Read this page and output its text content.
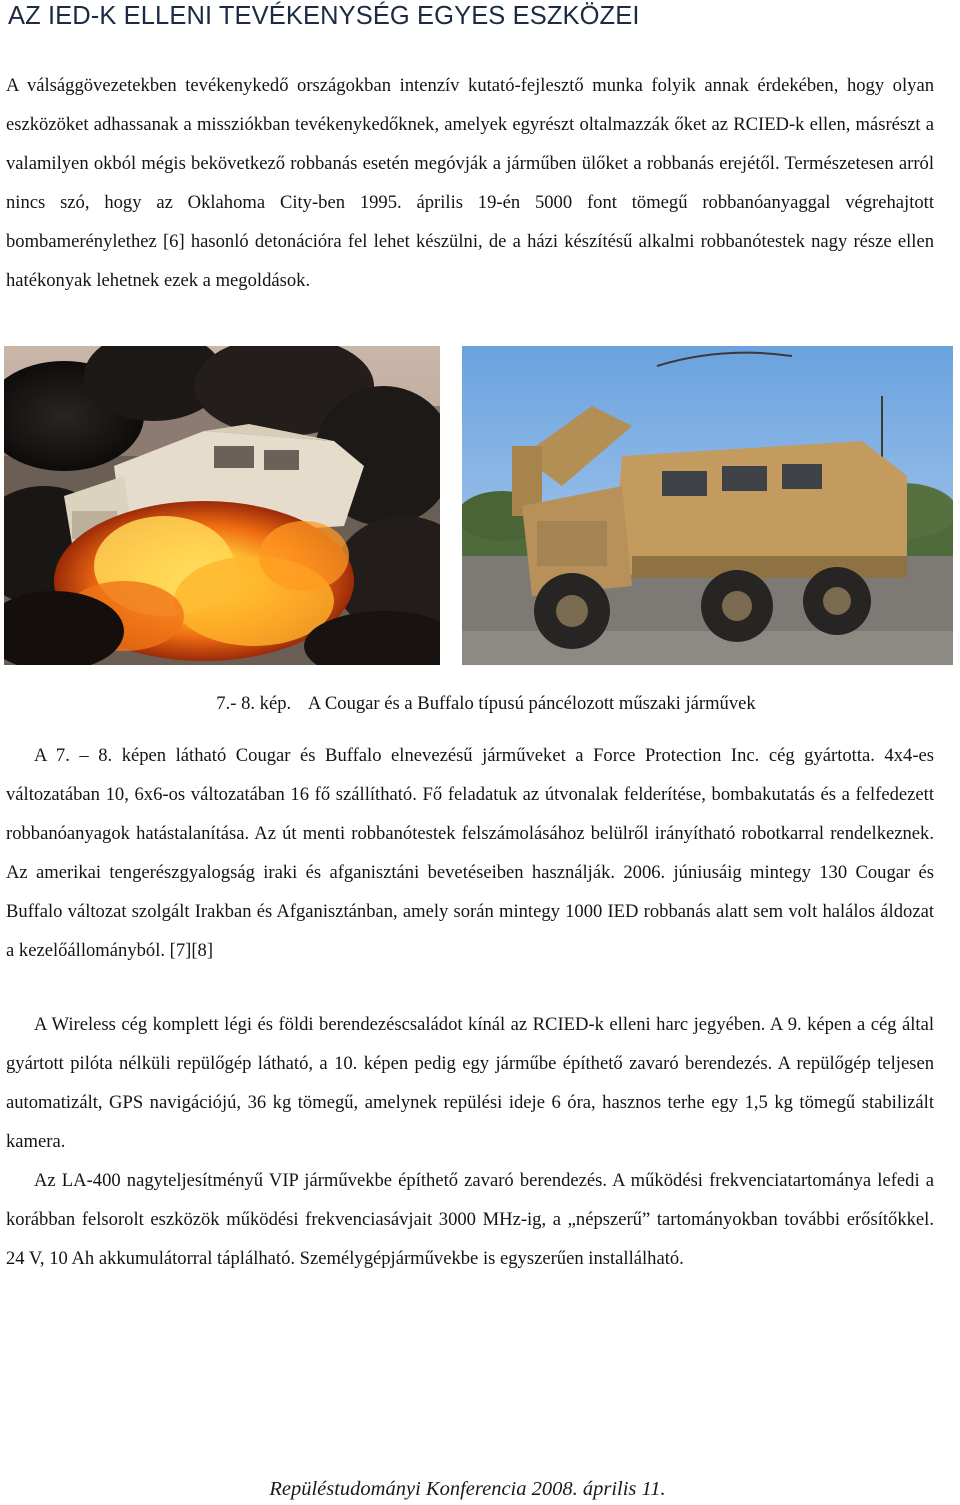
AZ IED-K ELLENI TEVÉKENYSÉG EGYES ESZKÖZEI

A válsággövezetekben tevékenykedő országokban intenzív kutató-fejlesztő munka folyik annak érdekében, hogy olyan eszközöket adhassanak a missziókban tevékenykedőknek, amelyek egyrészt oltalmazzák őket az RCIED-k ellen, másrészt a valamilyen okból mégis bekövetkező robbanás esetén megóvják a járműben ülőket a robbanás erejétől. Természetesen arról nincs szó, hogy az Oklahoma City-ben 1995. április 19-én 5000 font tömegű robbanóanyaggal végrehajtott bombamerénylethez [6] hasonló detonációra fel lehet készülni, de a házi készítésű alkalmi robbanótestek nagy része ellen hatékonyak lehetnek ezek a megoldások.

7.- 8. kép. A Cougar és a Buffalo típusú páncélozott műszaki járművek

A 7. – 8. képen látható Cougar és Buffalo elnevezésű járműveket a Force Protection Inc. cég gyártotta. 4x4-es változatában 10, 6x6-os változatában 16 fő szállítható. Fő feladatuk az útvonalak felderítése, bombakutatás és a felfedezett robbanóanyagok hatástalanítása. Az út menti robbanótestek felszámolásához belülről irányítható robotkarral rendelkeznek. Az amerikai tengerészgyalogság iraki és afganisztáni bevetéseiben használják. 2006. júniusáig mintegy 130 Cougar és Buffalo változat szolgált Irakban és Afganisztánban, amely során mintegy 1000 IED robbanás alatt sem volt halálos áldozat a kezelőállományból. [7][8]

A Wireless cég komplett légi és földi berendezéscsaládot kínál az RCIED-k elleni harc jegyében. A 9. képen a cég által gyártott pilóta nélküli repülőgép látható, a 10. képen pedig egy járműbe építhető zavaró berendezés. A repülőgép teljesen automatizált, GPS navigációjú, 36 kg tömegű, amelynek repülési ideje 6 óra, hasznos terhe egy 1,5 kg tömegű stabilizált kamera.

Az LA-400 nagyteljesítményű VIP járművekbe építhető zavaró berendezés. A működési frekvenciatartománya lefedi a korábban felsorolt eszközök működési frekvenciasávjait 3000 MHz-ig, a „népszerű” tartományokban további erősítőkkel. 24 V, 10 Ah akkumulátorral táplálható. Személygépjárművekbe is egyszerűen installálható.

Repüléstudományi Konferencia 2008. április 11.
